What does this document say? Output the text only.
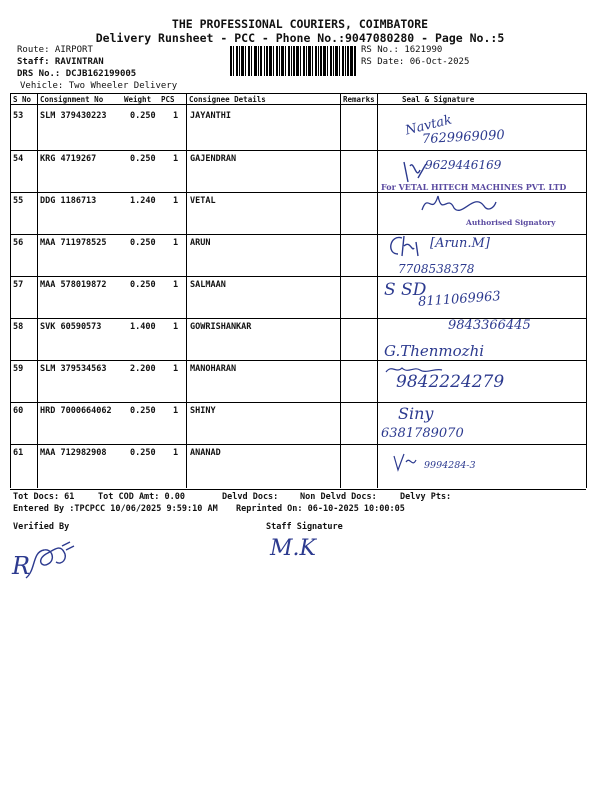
THE PROFESSIONAL COURIERS, COIMBATORE
Delivery Runsheet - PCC - Phone No.:9047080280 - Page No.:5
Route: AIRPORT
Staff: RAVINTRAN
DRS No.: DCJB162199005
Vehicle: Two Wheeler Delivery
RS No.: 1621990
RS Date: 06-Oct-2025
S No Consignment No	Weight PCS Consignee Details	Remarks	Seal & Signature
53 SLM 379430223	0.250 1 JAYANTHI
54 KRG 4719267	0.250 1 GAJENDRAN
55 DDG 1186713	1.240 1 VETAL
56 MAA 711978525	0.250 1 ARUN
57 MAA 578019872	0.250 1 SALMAAN
58 SVK 60590573	1.400 1 GOWRISHANKAR
59 SLM 379534563	2.200 1 MANOHARAN
60 HRD 7000664062 0.250 1 SHINY
61 MAA 712982908	0.250 1 ANANAD
Navtak
7629969090
9629446169
For VETAL HITECH MACHINES PVT. LTD
Authorised Signatory
[Arun.M]
7708538378
S SD
8111069963
9843366445
G.Thenmozhi
9842224279
Siny
6381789070
9994284-3
Tot Docs: 61	Tot COD Amt: 0.00	Delvd Docs:	Non Delvd Docs:	Delvy Pts:
Entered By :TPCPCC 10/06/2025 9:59:10 AM Reprinted On: 06-10-2025 10:00:05
Verified By	Staff Signature
R
M.K
